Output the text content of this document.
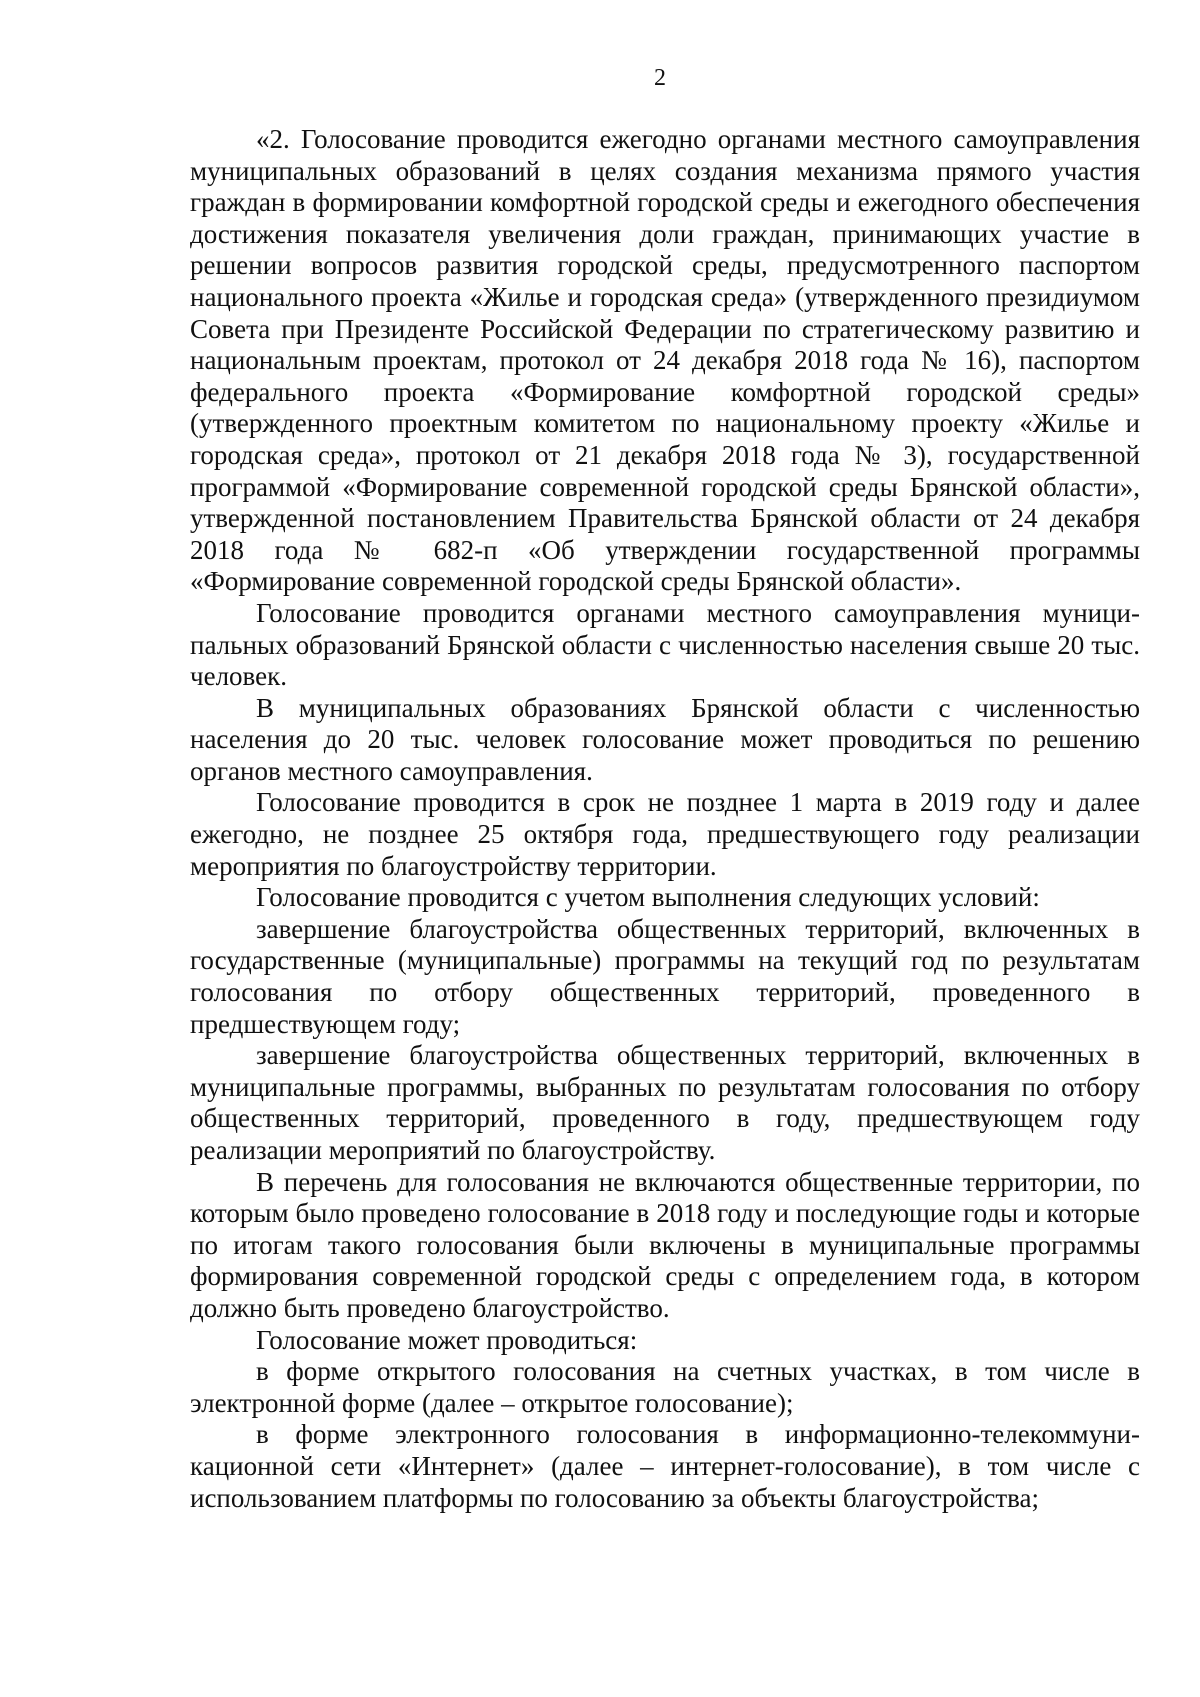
2

«2. Голосование проводится ежегодно органами местного самоуправления муниципальных образований в целях создания механизма прямого участия граждан в формировании комфортной городской среды и ежегодного обеспечения достижения показателя увеличения доли граждан, принимающих участие в решении вопросов развития городской среды, предусмотренного паспортом национального проекта «Жилье и городская среда» (утвержденного президиумом Совета при Президенте Российской Федерации по стратегическому развитию и национальным проектам, протокол от 24 декабря 2018 года № 16), паспортом федерального проекта «Формирование комфортной городской среды» (утвержденного проектным комитетом по национальному проекту «Жилье и городская среда», протокол от 21 декабря 2018 года № 3), государственной программой «Формирование современной городской среды Брянской области», утвержденной постановлением Правительства Брянской области от 24 декабря 2018 года № 682-п «Об утверждении государственной программы «Формирование современной городской среды Брянской области».

Голосование проводится органами местного самоуправления муниципальных образований Брянской области с численностью населения свыше 20 тыс. человек.

В муниципальных образованиях Брянской области с численностью населения до 20 тыс. человек голосование может проводиться по решению органов местного самоуправления.

Голосование проводится в срок не позднее 1 марта в 2019 году и далее ежегодно, не позднее 25 октября года, предшествующего году реализации мероприятия по благоустройству территории.

Голосование проводится с учетом выполнения следующих условий:

завершение благоустройства общественных территорий, включенных в государственные (муниципальные) программы на текущий год по результатам голосования по отбору общественных территорий, проведенного в предшествующем году;

завершение благоустройства общественных территорий, включенных в муниципальные программы, выбранных по результатам голосования по отбору общественных территорий, проведенного в году, предшествующем году реализации мероприятий по благоустройству.

В перечень для голосования не включаются общественные территории, по которым было проведено голосование в 2018 году и последующие годы и которые по итогам такого голосования были включены в муниципальные программы формирования современной городской среды с определением года, в котором должно быть проведено благоустройство.

Голосование может проводиться:

в форме открытого голосования на счетных участках, в том числе в электронной форме (далее – открытое голосование);

в форме электронного голосования в информационно-телекоммуникационной сети «Интернет» (далее – интернет-голосование), в том числе с использованием платформы по голосованию за объекты благоустройства;
